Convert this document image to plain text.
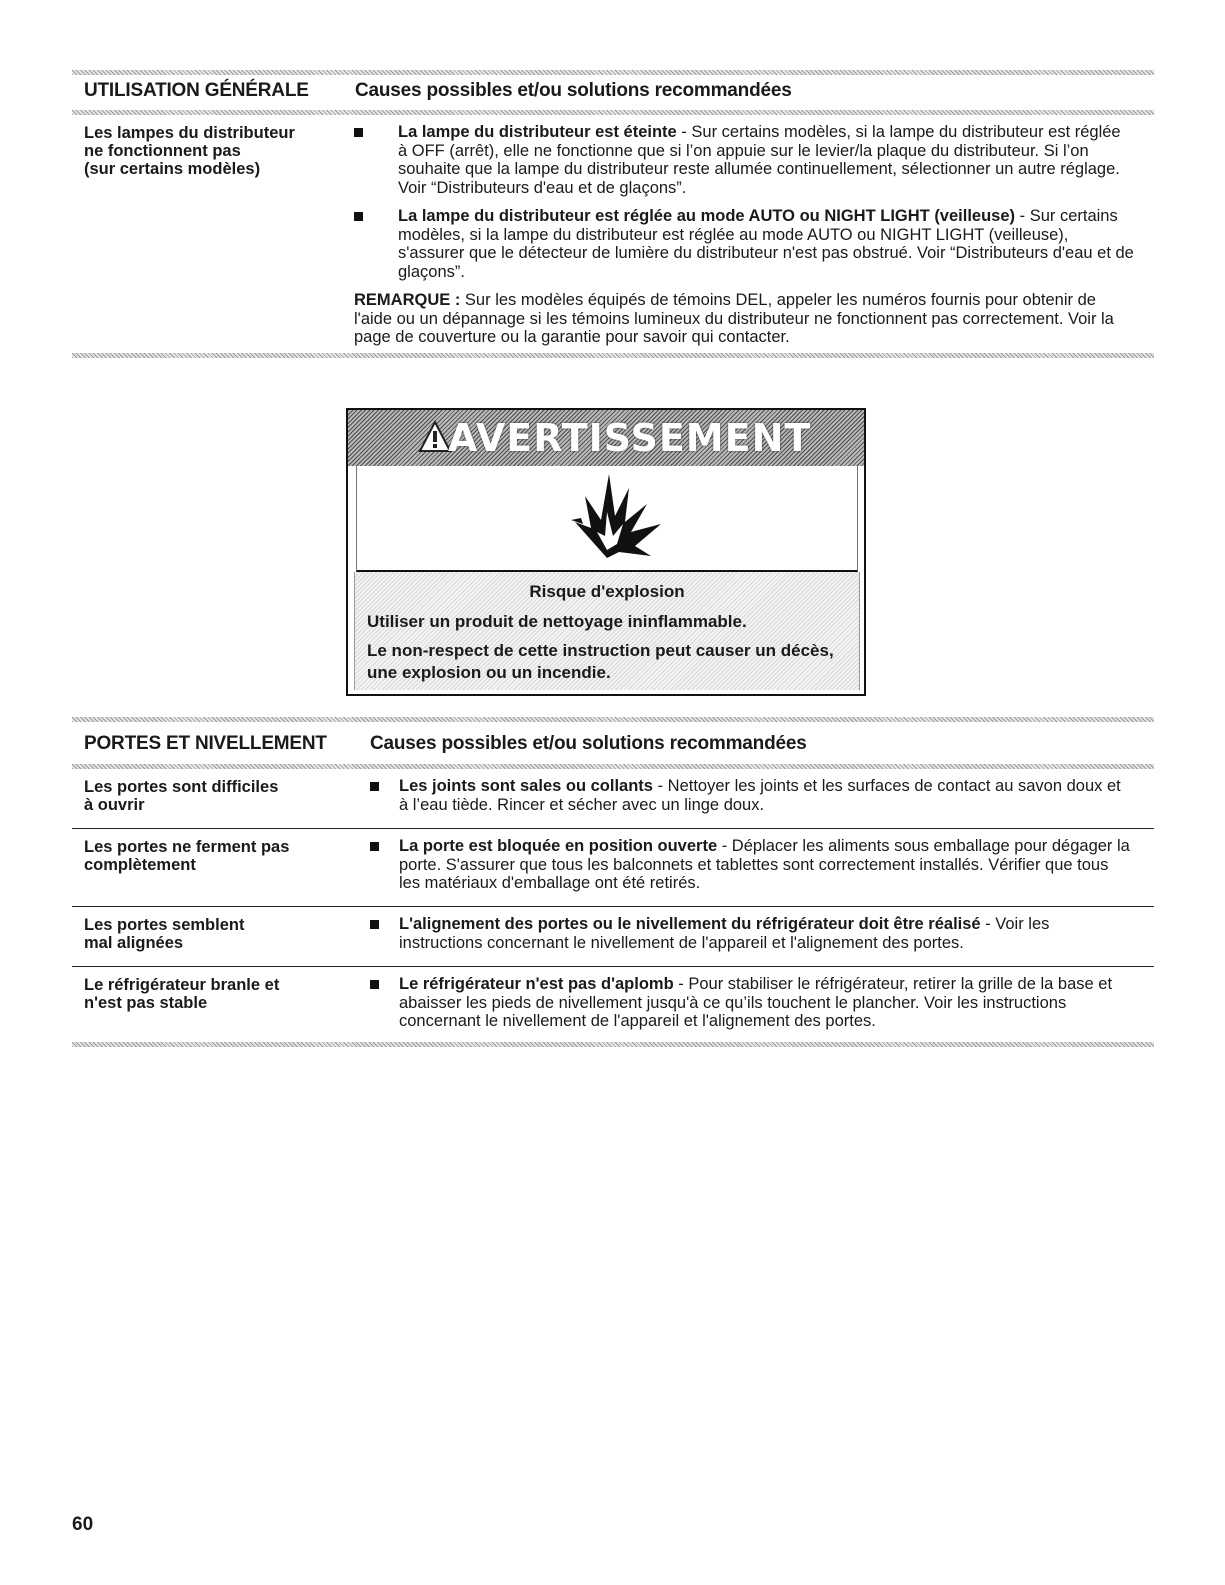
UTILISATION GÉNÉRALE Causes possibles et/ou solutions recommandées
Les lampes du distributeur
ne fonctionnent pas
(sur certains modèles)
La lampe du distributeur est éteinte - Sur certains modèles, si la lampe du distributeur est réglée à OFF (arrêt), elle ne fonctionne que si l’on appuie sur le levier/la plaque du distributeur. Si l’on souhaite que la lampe du distributeur reste allumée continuellement, sélectionner un autre réglage. Voir “Distributeurs d'eau et de glaçons”.
La lampe du distributeur est réglée au mode AUTO ou NIGHT LIGHT (veilleuse) - Sur certains modèles, si la lampe du distributeur est réglée au mode AUTO ou NIGHT LIGHT (veilleuse), s'assurer que le détecteur de lumière du distributeur n'est pas obstrué. Voir “Distributeurs d'eau et de glaçons”.
REMARQUE : Sur les modèles équipés de témoins DEL, appeler les numéros fournis pour obtenir de l'aide ou un dépannage si les témoins lumineux du distributeur ne fonctionnent pas correctement. Voir la page de couverture ou la garantie pour savoir qui contacter.
AVERTISSEMENT
Risque d'explosion
Utiliser un produit de nettoyage ininflammable.
Le non-respect de cette instruction peut causer un décès, une explosion ou un incendie.
PORTES ET NIVELLEMENT Causes possibles et/ou solutions recommandées
Les portes sont difficiles
à ouvrir
Les joints sont sales ou collants - Nettoyer les joints et les surfaces de contact au savon doux et à l’eau tiède. Rincer et sécher avec un linge doux.
Les portes ne ferment pas
complètement
La porte est bloquée en position ouverte - Déplacer les aliments sous emballage pour dégager la porte. S'assurer que tous les balconnets et tablettes sont correctement installés. Vérifier que tous les matériaux d'emballage ont été retirés.
Les portes semblent
mal alignées
L'alignement des portes ou le nivellement du réfrigérateur doit être réalisé - Voir les instructions concernant le nivellement de l'appareil et l'alignement des portes.
Le réfrigérateur branle et
n'est pas stable
Le réfrigérateur n'est pas d'aplomb - Pour stabiliser le réfrigérateur, retirer la grille de la base et abaisser les pieds de nivellement jusqu'à ce qu’ils touchent le plancher. Voir les instructions concernant le nivellement de l'appareil et l'alignement des portes.
60
